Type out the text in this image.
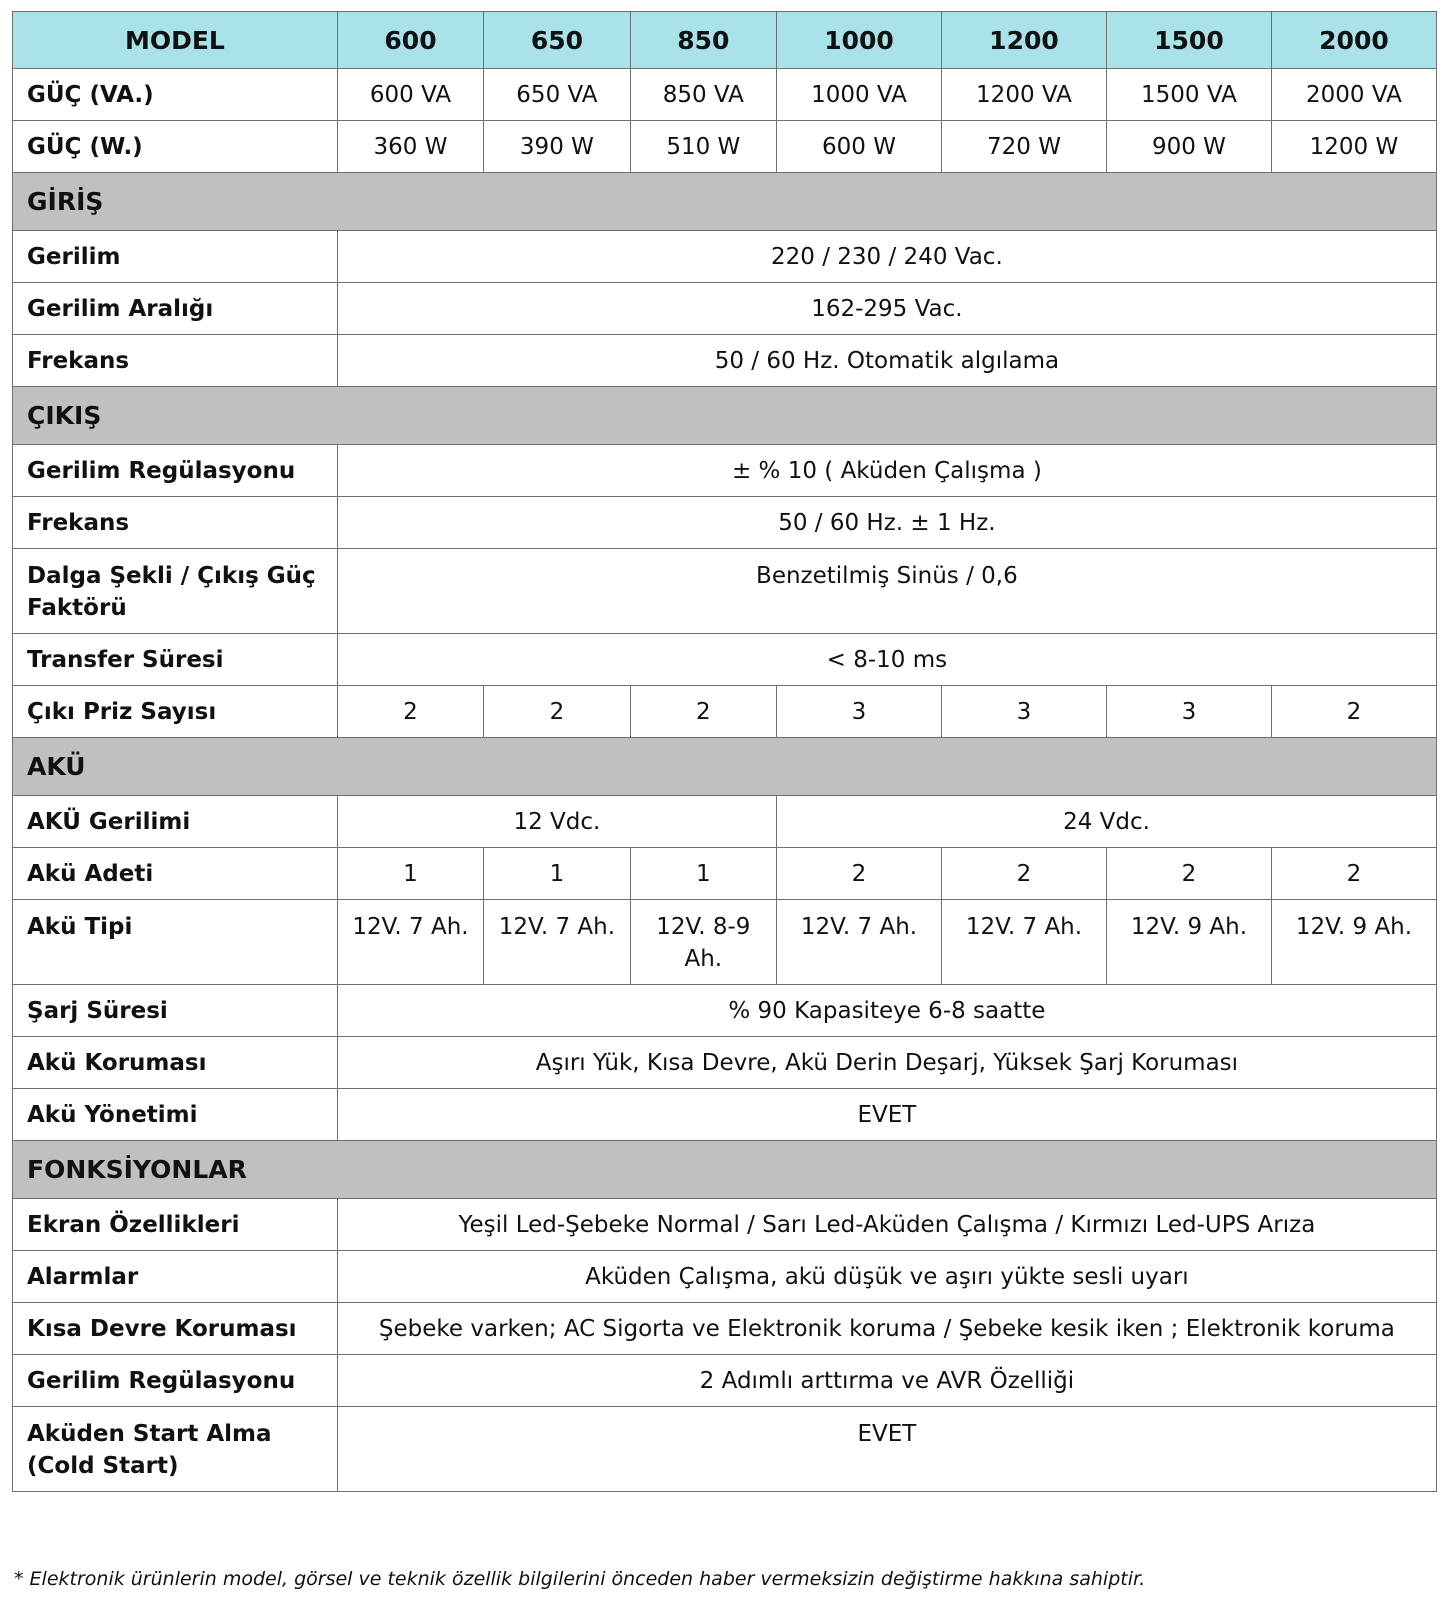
MODEL	600	650	850	1000	1200	1500	2000
GÜÇ (VA.)	600 VA	650 VA	850 VA	1000 VA	1200 VA	1500 VA	2000 VA
GÜÇ (W.)	360 W	390 W	510 W	600 W	720 W	900 W	1200 W
GİRİŞ							
Gerilim	220 / 230 / 240 Vac.						
Gerilim Aralığı	162-295 Vac.						
Frekans	50 / 60 Hz. Otomatik algılama						
ÇIKIŞ							
Gerilim Regülasyonu	± % 10 ( Aküden Çalışma )						
Frekans	50 / 60 Hz. ± 1 Hz.						
Dalga Şekli / Çıkış Güç Faktörü	Benzetilmiş Sinüs / 0,6						
Transfer Süresi	< 8-10 ms						
Çıkı Priz Sayısı	2	2	2	3	3	3	2
AKÜ							
AKÜ Gerilimi	12 Vdc.			24 Vdc.			
Akü Adeti	1	1	1	2	2	2	2
Akü Tipi	12V. 7 Ah.	12V. 7 Ah.	12V. 8-9 Ah.	12V. 7 Ah.	12V. 7 Ah.	12V. 9 Ah.	12V. 9 Ah.
Şarj Süresi	% 90 Kapasiteye 6-8 saatte						
Akü Koruması	Aşırı Yük, Kısa Devre, Akü Derin Deşarj, Yüksek Şarj Koruması						
Akü Yönetimi	EVET						
FONKSİYONLAR							
Ekran Özellikleri	Yeşil Led-Şebeke Normal / Sarı Led-Aküden Çalışma / Kırmızı Led-UPS Arıza						
Alarmlar	Aküden Çalışma, akü düşük ve aşırı yükte sesli uyarı						
Kısa Devre Koruması	Şebeke varken; AC Sigorta ve Elektronik koruma / Şebeke kesik iken ; Elektronik koruma						
Gerilim Regülasyonu	2 Adımlı arttırma ve AVR Özelliği						
Aküden Start Alma (Cold Start)	EVET						
* Elektronik ürünlerin model, görsel ve teknik özellik bilgilerini önceden haber vermeksizin değiştirme hakkına sahiptir.
